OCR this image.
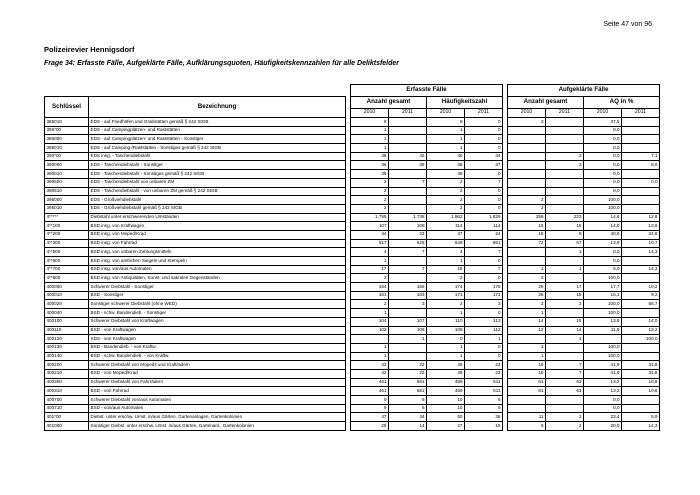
Seite 47 von 96
Polizeirevier Hennigsdorf
Frage 34: Erfasste Fälle, Aufgeklärte Fälle, Aufklärungsquoten, Häufigkeitskennzahlen für alle Deliktsfelder
			Erfasste Fälle					Aufgeklärte Fälle			
Schlüssel	Bezeichnung		Anzahl gesamt		Häufigkeitszahl			Anzahl gesamt		AQ in %	
			2010	2011	2010	2011		2010	2011	2010	2011
385010	EDS - auf Friedhöfen und Grabstätten gemäß § 242 StGB		8		8	0		3		37,5	
386*00	EDS - auf Campingplätzen- und Raststätten		1		1	0				0,0	
386000	EDS - auf Campingplätzen- und Raststätten - Sonstiger		1		1	0				0,0	
386010	EDS - auf Camping-/Raststätten - Sonstiges gemäß § 242 StGB		1		1	0				0,0	
390*00	EDS insg. - Taschendiebstahl		38	42	40	44			3	0,0	7,1
390000	EDS - Taschendiebstahl - Sonstiger		36	35	38	37			3	0,0	8,6
390010	EDS - Taschendiebstahl - Sonstiges gemäß § 242 StGB		36		38	0				0,0	
390500	EDS - Taschendiebstahl von unbaren ZM		2	7	2	7				0,0	0,0
390510	EDS - Taschendiebstahl - von unbaren ZM gemäß § 242 StGB		2		2	0				0,0	
395000	EDS - Großviehdiebstahl		2		2	0		2		100,0	
395010	EDS - Großviehdiebstahl gemäß § 242 StGB		2		2	0		2		100,0	
4*****	Diebstahl unter erschwerenden Umständen		1.755	1.738	1.862	1.829		256	223	14,6	12,8
4**100	BSD insg. von Kraftwagen		107	108	114	114		15	15	14,0	13,9
4**200	BSD insg. von Moped/Krad		44	23	47	24		18	8	40,9	34,8
4**300	BSD insg. von Fahrrad		517	628	548	661		72	67	13,9	10,7
4**500	BSD insg. von unbaren Zahlungsmitteln		4	7	4	7			1	0,0	14,3
4**600	BSD insg. von amtlichen Siegeln und Stempeln		1		1	0				0,0	
4**700	BSD insg. von/aus Automaten		17	7	18	7		1	1	5,9	14,3
4**800	BSD insg. von Antiquitäten, Kunst- und sakralen Gegenständen		2		2	0		2		100,0	
400000	Schwerer Diebstahl - Sonstiger		164	166	174	175		29	17	17,7	10,2
400010	BSD - Sonstiger		161	163	171	171		26	15	16,1	9,2
400020	Sonstiger schwerer Diebstahl (ohne WED)		2	3	2	3		2	2	100,0	66,7
400040	BSD - schw. Bandendieb. - Sonstiger		1		1	0		1		100,0	
400100	Schwerer Diebstahl von Kraftwagen		104	107	110	113		14	15	13,5	14,0
400110	BSD - von Kraftwagen		102	106	108	112		12	14	11,8	13,2
400120	SDS - von Kraftwagen			1	0	1			1		100,0
400130	BSD - Bandendieb. - von Kraftw.		1		1	0		1		100,0	
400140	BSD - schw. Bandendieb. - von Kraftw.		1		1	0		1		100,0	
400200	Schwerer Diebstahl von Mopeds und Krafträdern		43	22	46	23		18	7	41,9	31,8
400210	BSD - von Moped/Krad		43	22	46	23		18	7	41,9	31,8
400300	Schwerer Diebstahl von Fahrrädern		461	581	489	611		61	63	13,2	10,8
400310	BSD - von Fahrrad		461	581	489	611		61	63	13,2	10,8
400700	Schwerer Diebstahl von/aus Automaten		9	6	10	6				0,0	
400710	BSD - von/aus Automaten		9	6	10	6				0,0	
401*00	Diebst. unter erschw. Umst. in/aus Gärten, Gartenanlagen, Gartenkolonien		47	34	50	36		11	2	23,4	5,9
401000	Sonstiger Diebst. unter erschw. Umst. in/aus Gärten, Gartenanl., Gartenkolonien		25	14	27	15		5	2	20,0	14,3
